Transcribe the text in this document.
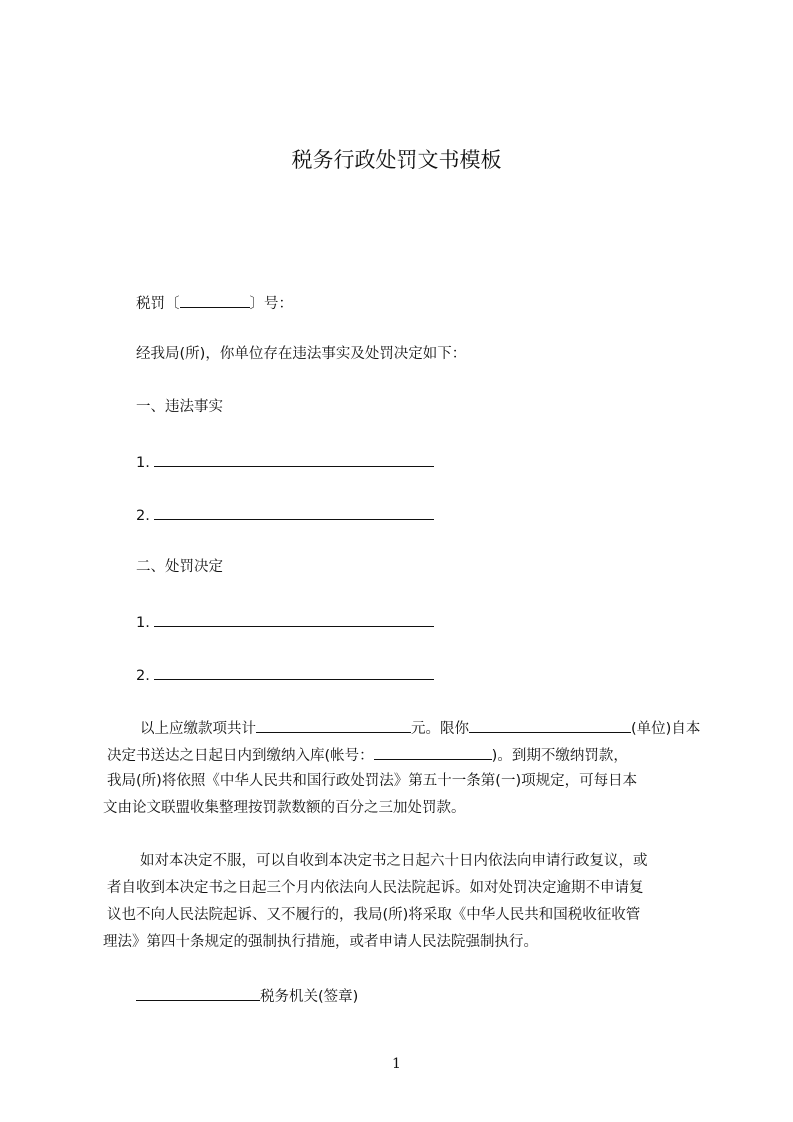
税务行政处罚文书模板
税罚〔	〕号：
经我局(所)，你单位存在违法事实及处罚决定如下：
一、违法事实
1.
2.
二、处罚决定
1.
2.
以上应缴款项共计	元。限你	(单位)自本
决定书送达之日起日内到缴纳入库(帐号：	)。到期不缴纳罚款，
我局(所)将依照《中华人民共和国行政处罚法》第五十一条第(一)项规定，可每日本
文由论文联盟收集整理按罚款数额的百分之三加处罚款。
如对本决定不服，可以自收到本决定书之日起六十日内依法向申请行政复议，或
者自收到本决定书之日起三个月内依法向人民法院起诉。如对处罚决定逾期不申请复
议也不向人民法院起诉、又不履行的，我局(所)将采取《中华人民共和国税收征收管
理法》第四十条规定的强制执行措施，或者申请人民法院强制执行。
税务机关(签章)
1
